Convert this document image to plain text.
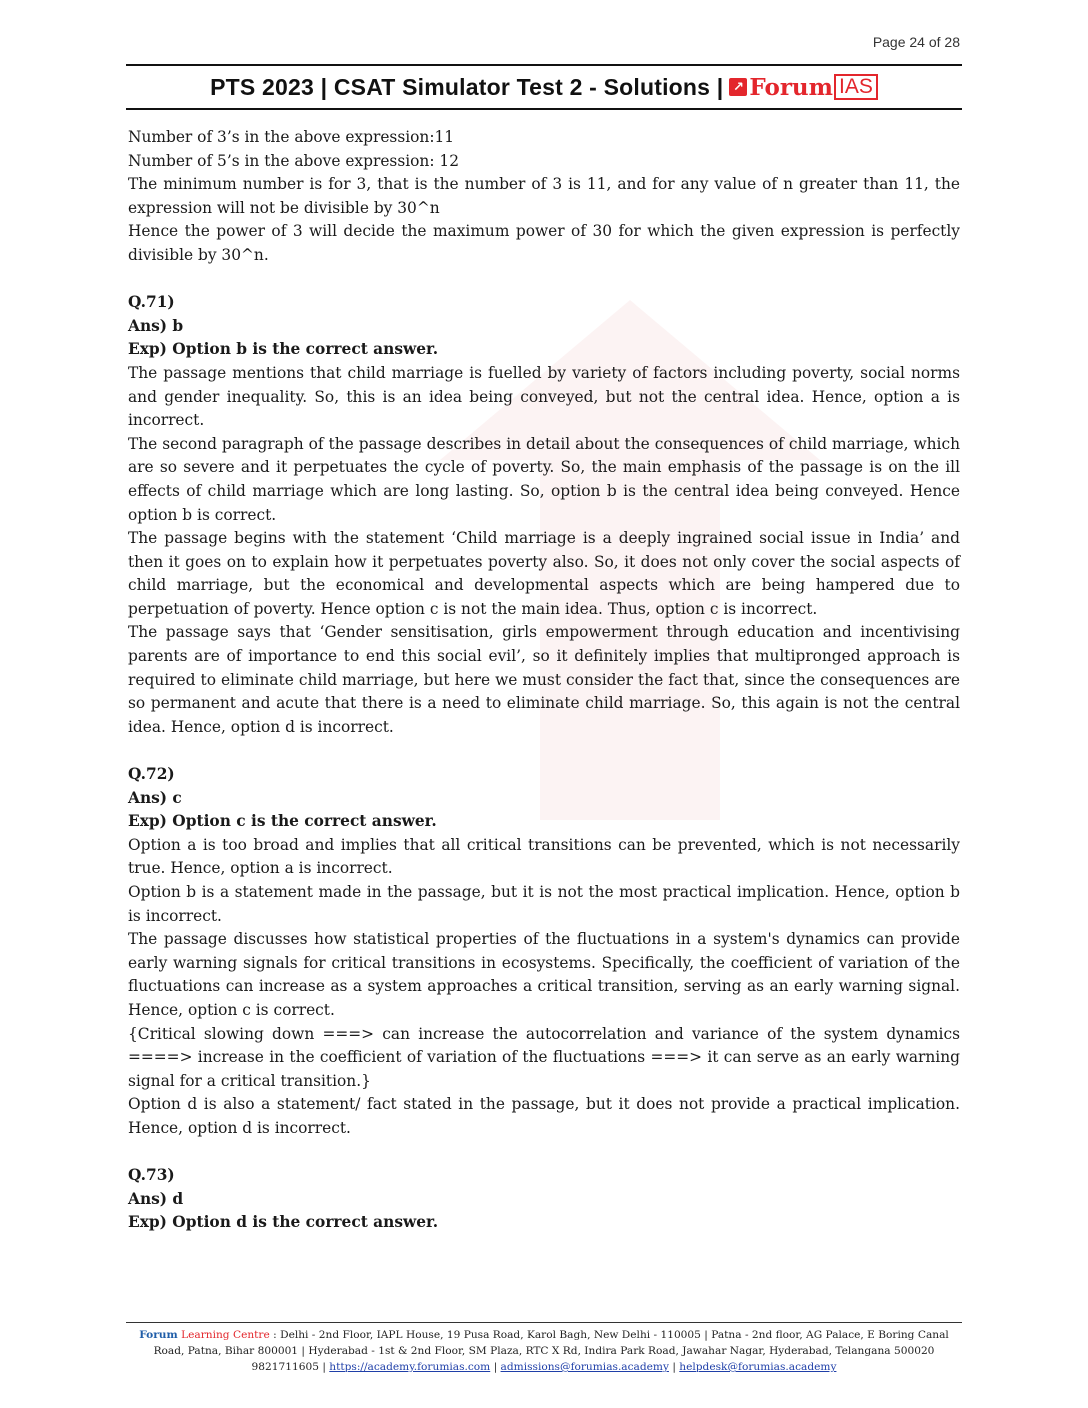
Page 24 of 28
PTS 2023 | CSAT Simulator Test 2 - Solutions | ↗ Forum IAS

Number of 3’s in the above expression:11

Number of 5’s in the above expression: 12

The minimum number is for 3, that is the number of 3 is 11, and for any value of n greater than 11, the expression will not be divisible by 30^n

Hence the power of 3 will decide the maximum power of 30 for which the given expression is perfectly divisible by 30^n.

Q.71)

Ans) b

Exp) Option b is the correct answer.

The passage mentions that child marriage is fuelled by variety of factors including poverty, social norms and gender inequality. So, this is an idea being conveyed, but not the central idea. Hence, option a is incorrect.

The second paragraph of the passage describes in detail about the consequences of child marriage, which are so severe and it perpetuates the cycle of poverty. So, the main emphasis of the passage is on the ill effects of child marriage which are long lasting. So, option b is the central idea being conveyed. Hence option b is correct.

The passage begins with the statement ‘Child marriage is a deeply ingrained social issue in India’ and then it goes on to explain how it perpetuates poverty also. So, it does not only cover the social aspects of child marriage, but the economical and developmental aspects which are being hampered due to perpetuation of poverty. Hence option c is not the main idea. Thus, option c is incorrect.

The passage says that ‘Gender sensitisation, girls empowerment through education and incentivising parents are of importance to end this social evil’, so it definitely implies that multipronged approach is required to eliminate child marriage, but here we must consider the fact that, since the consequences are so permanent and acute that there is a need to eliminate child marriage. So, this again is not the central idea. Hence, option d is incorrect.

Q.72)

Ans) c

Exp) Option c is the correct answer.

Option a is too broad and implies that all critical transitions can be prevented, which is not necessarily true. Hence, option a is incorrect.

Option b is a statement made in the passage, but it is not the most practical implication. Hence, option b is incorrect.

The passage discusses how statistical properties of the fluctuations in a system's dynamics can provide early warning signals for critical transitions in ecosystems. Specifically, the coefficient of variation of the fluctuations can increase as a system approaches a critical transition, serving as an early warning signal. Hence, option c is correct.

{Critical slowing down ===> can increase the autocorrelation and variance of the system dynamics ====> increase in the coefficient of variation of the fluctuations ===> it can serve as an early warning signal for a critical transition.}

Option d is also a statement/ fact stated in the passage, but it does not provide a practical implication. Hence, option d is incorrect.

Q.73)

Ans) d

Exp) Option d is the correct answer.

Forum Learning Centre : Delhi - 2nd Floor, IAPL House, 19 Pusa Road, Karol Bagh, New Delhi - 110005 | Patna - 2nd floor, AG Palace, E Boring Canal Road, Patna, Bihar 800001 | Hyderabad - 1st & 2nd Floor, SM Plaza, RTC X Rd, Indira Park Road, Jawahar Nagar, Hyderabad, Telangana 500020
9821711605 | https://academy.forumias.com | admissions@forumias.academy | helpdesk@forumias.academy
